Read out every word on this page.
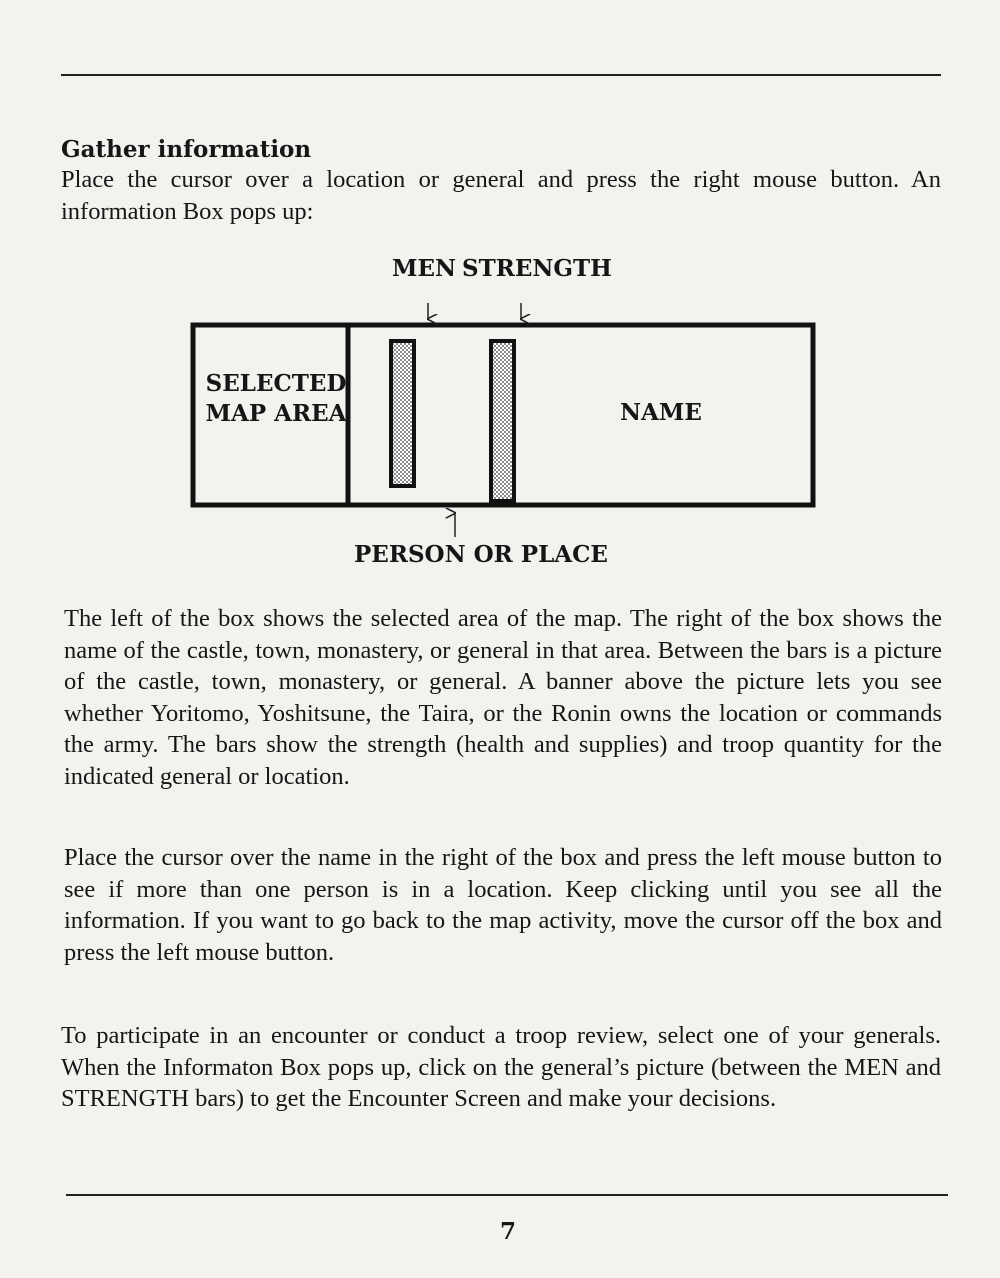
Gather information

Place the cursor over a location or general and press the right mouse button. An information Box pops up:

MEN STRENGTH
SELECTED MAP AREA	NAME
PERSON OR PLACE

The left of the box shows the selected area of the map. The right of the box shows the name of the castle, town, monastery, or general in that area. Between the bars is a picture of the castle, town, monastery, or general. A banner above the picture lets you see whether Yoritomo, Yoshitsune, the Taira, or the Ronin owns the location or commands the army. The bars show the strength (health and supplies) and troop quantity for the indicated general or location.

Place the cursor over the name in the right of the box and press the left mouse button to see if more than one person is in a location. Keep clicking until you see all the information. If you want to go back to the map activity, move the cursor off the box and press the left mouse button.

To participate in an encounter or conduct a troop review, select one of your generals. When the Informaton Box pops up, click on the general’s picture (between the MEN and STRENGTH bars) to get the Encounter Screen and make your decisions.

7
